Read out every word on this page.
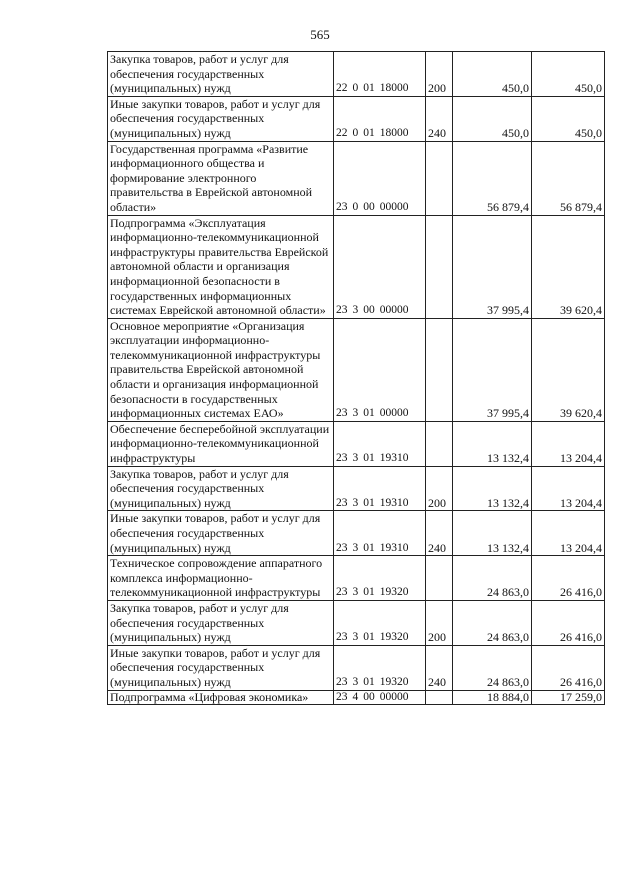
565
Закупка товаров, работ и услуг для обеспечения государственных (муниципальных) нужд	22 0 01 18000	200	450,0	450,0
Иные закупки товаров, работ и услуг для обеспечения государственных (муниципальных) нужд	22 0 01 18000	240	450,0	450,0
Государственная программа «Развитие информационного общества и формирование электронного правительства в Еврейской автономной области»	23 0 00 00000		56 879,4	56 879,4
Подпрограмма «Эксплуатация информационно-телекоммуникационной инфраструктуры правительства Еврейской автономной области и организация информационной безопасности в государственных информационных системах Еврейской автономной области»	23 3 00 00000		37 995,4	39 620,4
Основное мероприятие «Организация эксплуатации информационно-телекоммуникационной инфраструктуры правительства Еврейской автономной области и организация информационной безопасности в государственных информационных системах ЕАО»	23 3 01 00000		37 995,4	39 620,4
Обеспечение бесперебойной эксплуатации информационно-телекоммуникационной инфраструктуры	23 3 01 19310		13 132,4	13 204,4
Закупка товаров, работ и услуг для обеспечения государственных (муниципальных) нужд	23 3 01 19310	200	13 132,4	13 204,4
Иные закупки товаров, работ и услуг для обеспечения государственных (муниципальных) нужд	23 3 01 19310	240	13 132,4	13 204,4
Техническое сопровождение аппаратного комплекса информационно-телекоммуникационной инфраструктуры	23 3 01 19320		24 863,0	26 416,0
Закупка товаров, работ и услуг для обеспечения государственных (муниципальных) нужд	23 3 01 19320	200	24 863,0	26 416,0
Иные закупки товаров, работ и услуг для обеспечения государственных (муниципальных) нужд	23 3 01 19320	240	24 863,0	26 416,0
Подпрограмма «Цифровая экономика»	23 4 00 00000		18 884,0	17 259,0
